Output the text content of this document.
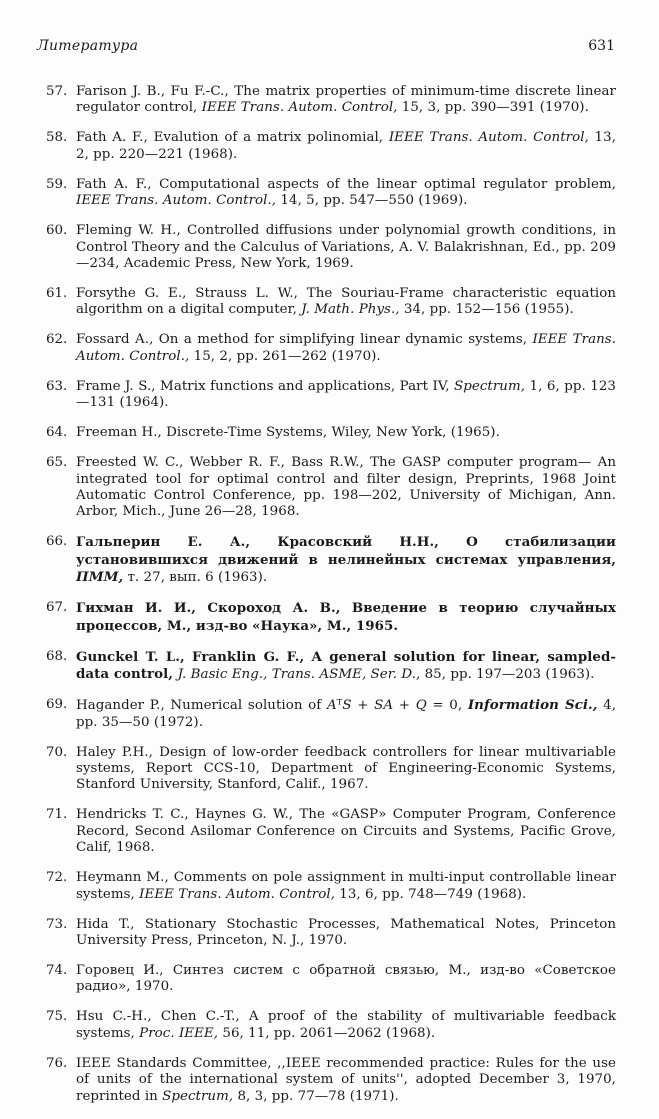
Литература	631
57. Farison J. B., Fu F.-C., The matrix properties of minimum-time discrete linear regulator control, IEEE Trans. Autom. Control, 15, 3, pp. 390—391 (1970).
58. Fath A. F., Evalution of a matrix polinomial, IEEE Trans. Autom. Control, 13, 2, pp. 220—221 (1968).
59. Fath A. F., Computational aspects of the linear optimal regulator problem, IEEE Trans. Autom. Control., 14, 5, pp. 547—550 (1969).
60. Fleming W. H., Controlled diffusions under polynomial growth conditions, in Control Theory and the Calculus of Variations, A. V. Balakrishnan, Ed., pp. 209—234, Academic Press, New York, 1969.
61. Forsythe G. E., Strauss L. W., The Souriau-Frame characteristic equation algorithm on a digital computer, J. Math. Phys., 34, pp. 152—156 (1955).
62. Fossard A., On a method for simplifying linear dynamic systems, IEEE Trans. Autom. Control., 15, 2, pp. 261—262 (1970).
63. Frame J. S., Matrix functions and applications, Part IV, Spectrum, 1, 6, pp. 123—131 (1964).
64. Freeman H., Discrete-Time Systems, Wiley, New York, (1965).
65. Freested W. C., Webber R. F., Bass R.W., The GASP computer program— An integrated tool for optimal control and filter design, Preprints, 1968 Joint Automatic Control Conference, pp. 198—202, University of Michigan, Ann. Arbor, Mich., June 26—28, 1968.
66. Гальперин Е. А., Красовский Н.Н., О стабилизации установившихся движений в нелинейных системах управления, ПММ, т. 27, вып. 6 (1963).
67. Гихман И. И., Скороход А. В., Введение в теорию случайных процессов, М., изд-во «Наука», М., 1965.
68. Gunckel T. L., Franklin G. F., A general solution for linear, sampled-data control, J. Basic Eng., Trans. ASME, Ser. D., 85, pp. 197—203 (1963).
69. Hagander P., Numerical solution of AᵀS + SA + Q = 0, Information Sci., 4, pp. 35—50 (1972).
70. Haley P.H., Design of low-order feedback controllers for linear multivariable systems, Report CCS-10, Department of Engineering-Economic Systems, Stanford University, Stanford, Calif., 1967.
71. Hendricks T. C., Haynes G. W., The «GASP» Computer Program, Conference Record, Second Asilomar Conference on Circuits and Systems, Pacific Grove, Calif, 1968.
72. Heymann M., Comments on pole assignment in multi-input controllable linear systems, IEEE Trans. Autom. Control, 13, 6, pp. 748—749 (1968).
73. Hida T., Stationary Stochastic Processes, Mathematical Notes, Princeton University Press, Princeton, N. J., 1970.
74. Горовец И., Синтез систем с обратной связью, М., изд-во «Советское радио», 1970.
75. Hsu C.-H., Chen C.-T., A proof of the stability of multivariable feedback systems, Proc. IEEE, 56, 11, pp. 2061—2062 (1968).
76. IEEE Standards Committee, ,,IEEE recommended practice: Rules for the use of units of the international system of units'', adopted December 3, 1970, reprinted in Spectrum, 8, 3, pp. 77—78 (1971).
